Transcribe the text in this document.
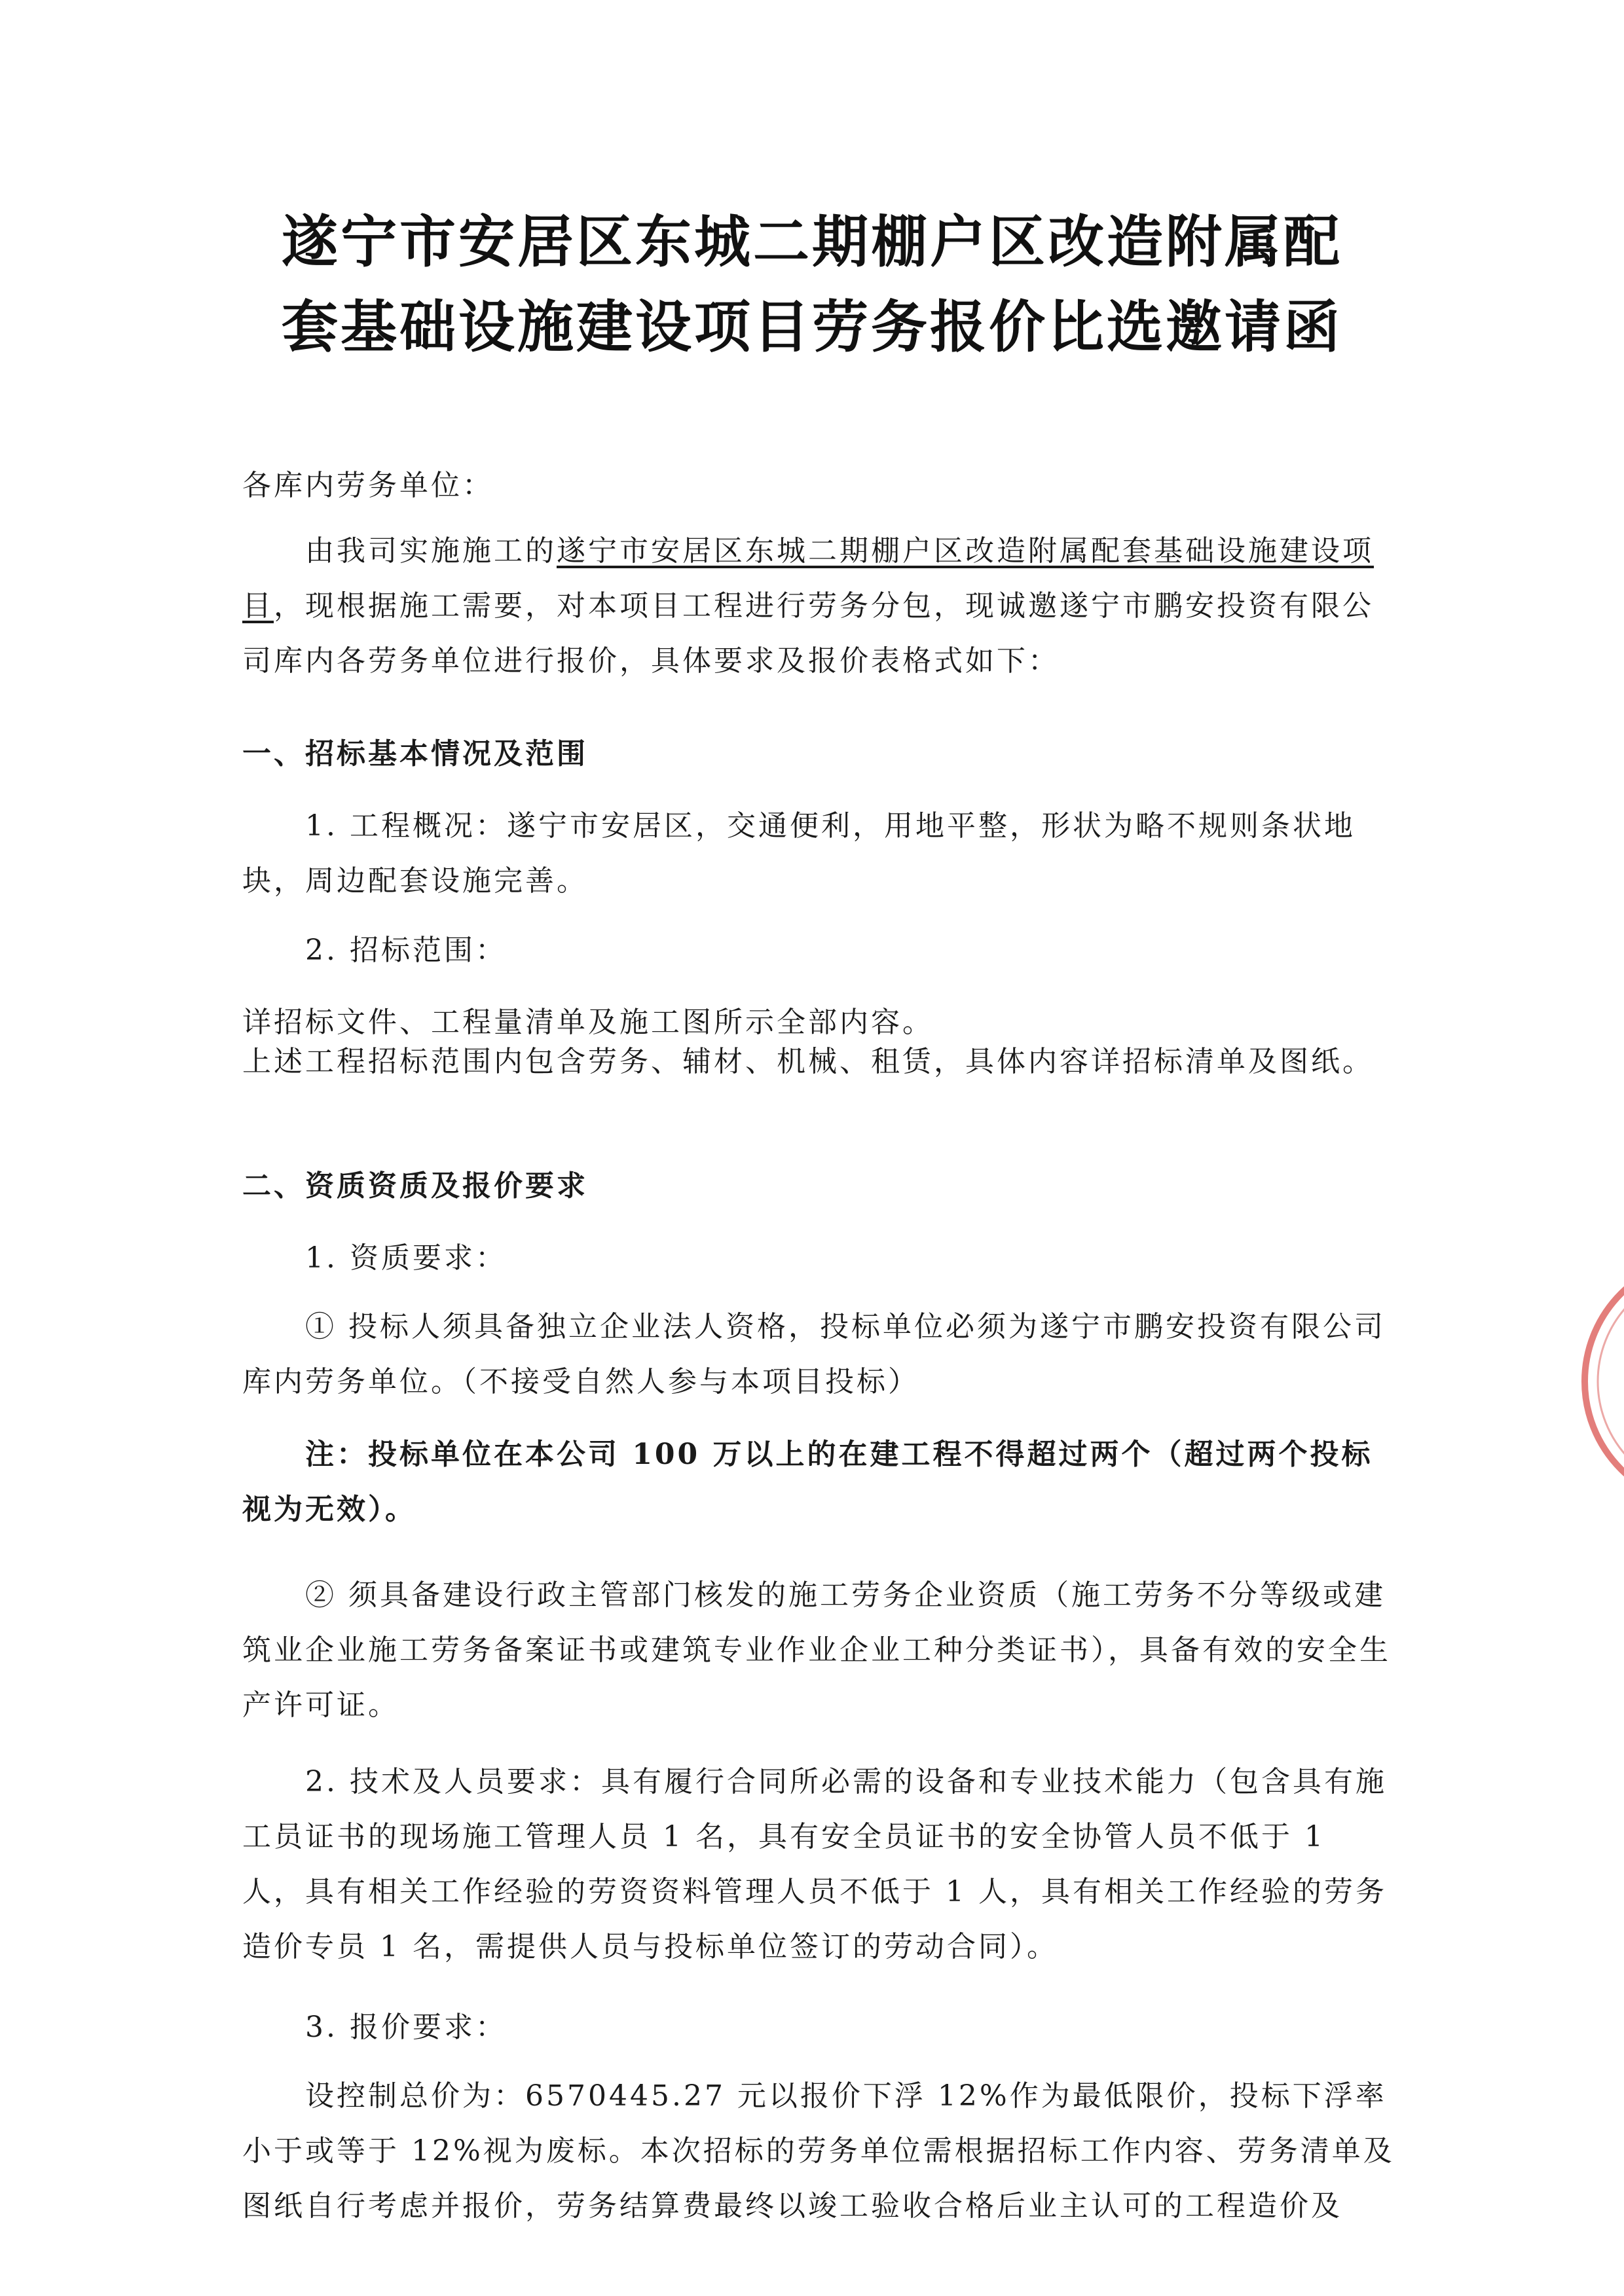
遂宁市安居区东城二期棚户区改造附属配
套基础设施建设项目劳务报价比选邀请函

各库内劳务单位：

由我司实施施工的遂宁市安居区东城二期棚户区改造附属配套基础设施建设项目，现根据施工需要，对本项目工程进行劳务分包，现诚邀遂宁市鹏安投资有限公司库内各劳务单位进行报价，具体要求及报价表格式如下：

一、招标基本情况及范围

1. 工程概况：遂宁市安居区，交通便利，用地平整，形状为略不规则条状地块，周边配套设施完善。

2. 招标范围：

详招标文件、工程量清单及施工图所示全部内容。

上述工程招标范围内包含劳务、辅材、机械、租赁，具体内容详招标清单及图纸。

二、资质资质及报价要求

1. 资质要求：

① 投标人须具备独立企业法人资格，投标单位必须为遂宁市鹏安投资有限公司库内劳务单位。（不接受自然人参与本项目投标）

注：投标单位在本公司 100 万以上的在建工程不得超过两个（超过两个投标视为无效）。

② 须具备建设行政主管部门核发的施工劳务企业资质（施工劳务不分等级或建筑业企业施工劳务备案证书或建筑专业作业企业工种分类证书），具备有效的安全生产许可证。

2. 技术及人员要求：具有履行合同所必需的设备和专业技术能力（包含具有施工员证书的现场施工管理人员 1 名，具有安全员证书的安全协管人员不低于 1 人，具有相关工作经验的劳资资料管理人员不低于 1 人，具有相关工作经验的劳务造价专员 1 名，需提供人员与投标单位签订的劳动合同）。

3. 报价要求：

设控制总价为：6570445.27 元以报价下浮 12%作为最低限价，投标下浮率小于或等于 12%视为废标。本次招标的劳务单位需根据招标工作内容、劳务清单及图纸自行考虑并报价，劳务结算费最终以竣工验收合格后业主认可的工程造价及
